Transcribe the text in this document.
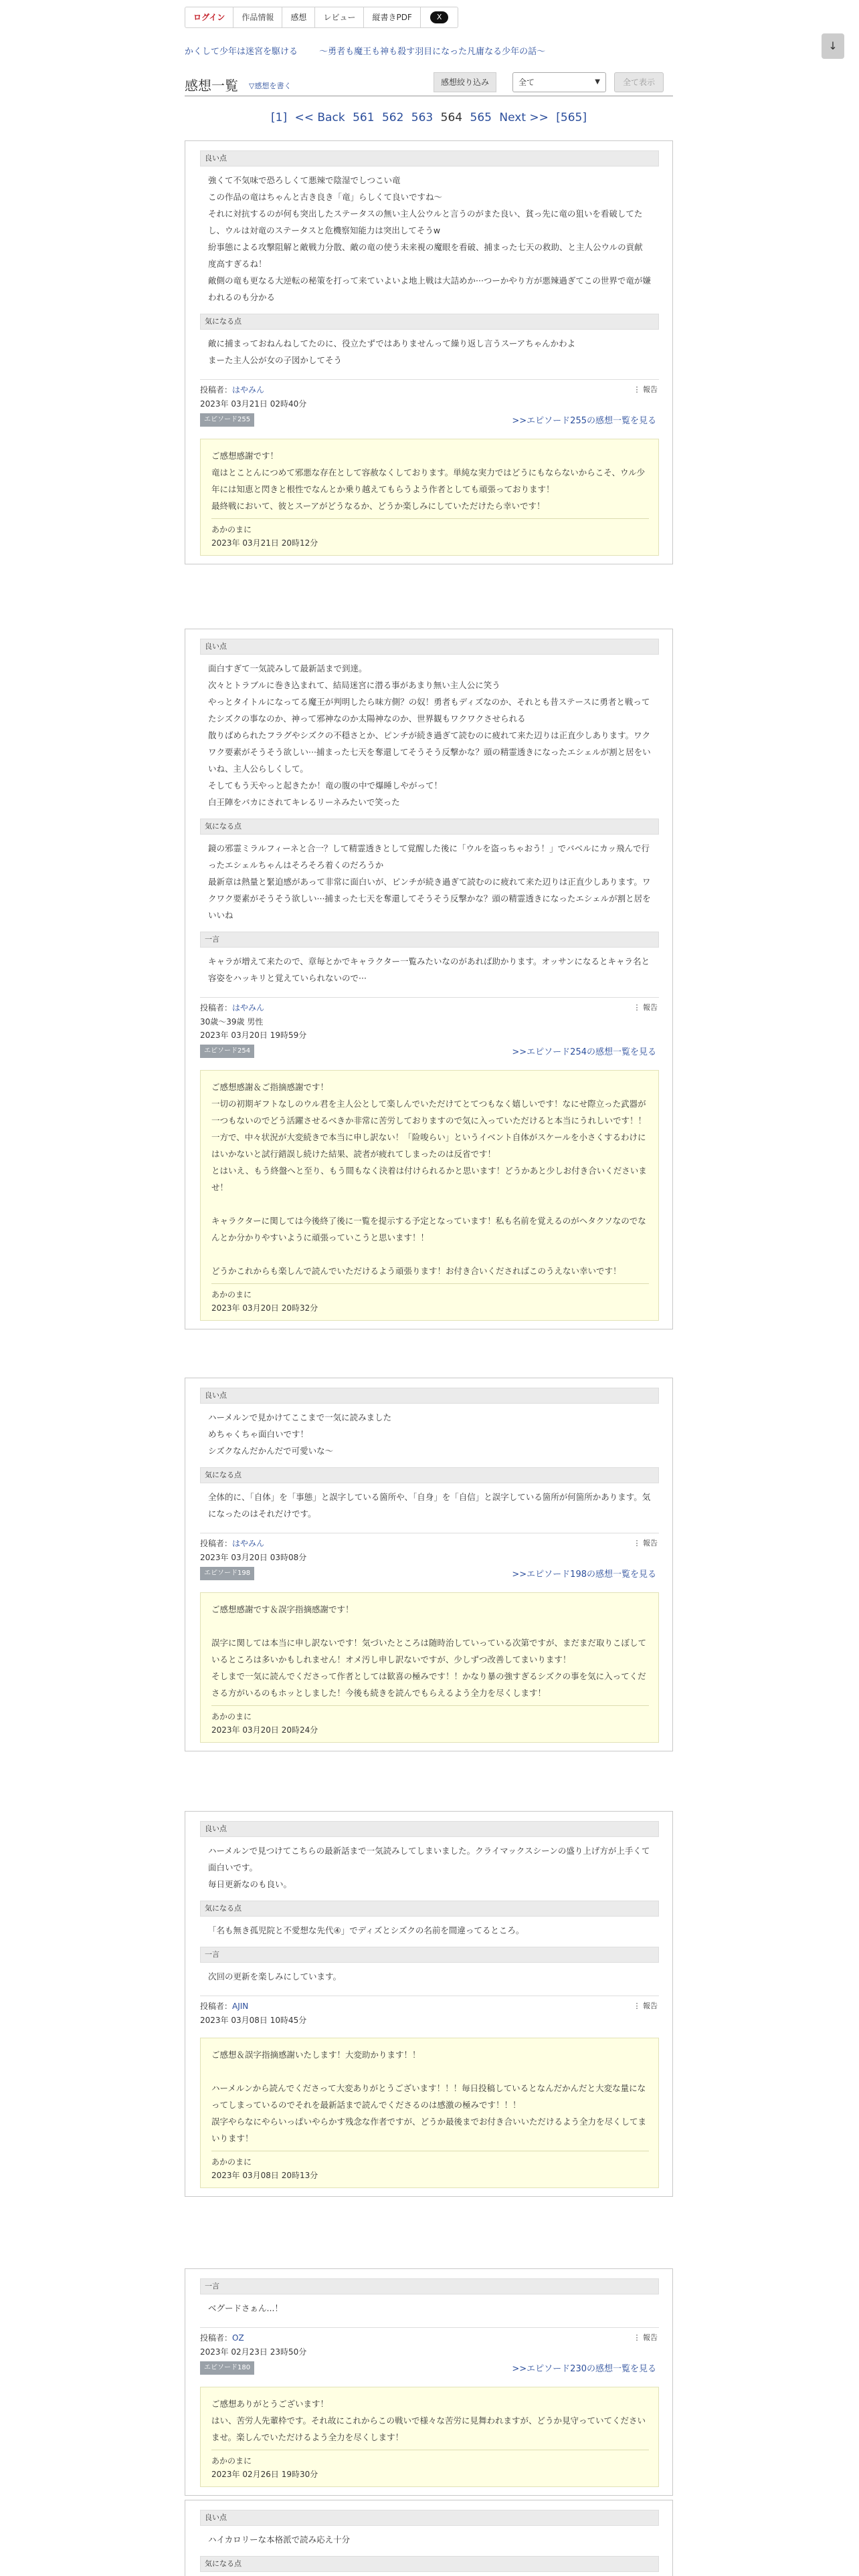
ログイン	作品情報	感想	レビュー	縦書きPDF	X
↓
かくして少年は迷宮を駆ける 〜勇者も魔王も神も殺す羽目になった凡庸なる少年の話〜
感想一覧 ▽感想を書く	感想絞り込み	全て	▼	全て表示
[1] << Back 561 562 563 564 565 Next >> [565]
良い点
強くて不気味で恐ろしくて悪辣で陰湿でしつこい竜
この作品の竜はちゃんと古き良き「竜」らしくて良いですね〜
それに対抗するのが何も突出したステータスの無い主人公ウルと言うのがまた良い、貧っ先に竜の狙いを看破してたし、ウルは対竜のステータスと危機察知能力は突出してそうw
紛事態による攻撃阻解と敵戦力分散、敵の竜の使う未来視の魔眼を看破、捕まった七天の救助、と主人公ウルの貢献度高すぎるね！
敵側の竜も更なる大逆転の秘策を打って来ていよいよ地上戦は大詰めか···つーかやり方が悪辣過ぎてこの世界で竜が嫌われるのも分かる
気になる点
敵に捕まっておねんねしてたのに、役立たずではありませんって繰り返し言うスーアちゃんかわよ
まーた主人公が女の子図かしてそう
投稿者：はやみん	⋮ 報告
2023年 03月21日 02時40分
エピソード255	>>エピソード255の感想一覧を見る
ご感想感謝です！
竜はとことんにつめて邪悪な存在として容赦なくしております。単純な実力ではどうにもならないからこそ、ウル少年には知恵と閃きと根性でなんとか乗り越えてもらうよう作者としても頑張っております！
最終戦において、彼とスーアがどうなるか、どうか楽しみにしていただけたら幸いです！
あかのまに
2023年 03月21日 20時12分
良い点
面白すぎて一気読みして最新話まで到達。
次々とトラブルに巻き込まれて、結局迷宮に潜る事があまり無い主人公に笑う
やっとタイトルになってる魔王が判明したら味方側？の奴！勇者もディズなのか、それとも昔ステースに勇者と戦ってたシズクの事なのか、神って邪神なのか太陽神なのか、世界観もワクワクさせられる
散りばめられたフラグやシズクの不穏さとか、ピンチが続き過ぎて読むのに疲れて来た辺りは正直少しあります。ワクワク要素がそうそう欲しい···捕まった七天を奪還してそうそう反撃かな？頭の精霊透きになったエシェルが割と居をいいね、主人公らしくして。
そしてもう天やっと起きたか！竜の腹の中で爆睡しやがって！
白王陣をバカにされてキレるリーネみたいで笑った
気になる点
鏡の邪霊ミラルフィーネと合一？して精霊透きとして覚醒した後に「ウルを盗っちゃおう！」でバベルにカッ飛んで行ったエシェルちゃんはそろそろ着くのだろうか
最新章は熱量と緊迫感があって非常に面白いが、ピンチが続き過ぎて読むのに疲れて来た辺りは正直少しあります。ワクワク要素がそうそう欲しい···捕まった七天を奪還してそうそう反撃かな？頭の精霊透きになったエシェルが割と居をいいね
一言
キャラが増えて来たので、章毎とかでキャラクター一覧みたいなのがあれば助かります。オッサンになるとキャラ名と容姿をハッキリと覚えていられないので···
投稿者：はやみん	⋮ 報告
30歳〜39歳 男性
2023年 03月20日 19時59分
エピソード254	>>エピソード254の感想一覧を見る
ご感想感謝＆ご指摘感謝です！
一切の初期ギフトなしのウル君を主人公として楽しんでいただけてとてつもなく嬉しいです！なにせ際立った武器が一つもないのでどう活躍させるべきか非常に苦労しておりますので気に入っていただけると本当にうれしいです！！
一方で、中々状況が大変続きで本当に申し訳ない！「险唆らい」というイベント自体がスケールを小さくするわけにはいかないと試行錯誤し続けた結果、読者が疲れてしまったのは反省です！
とはいえ、もう終盤へと至り、もう間もなく決着は付けられるかと思います！どうかあと少しお付き合いくださいませ！

キャラクターに関しては今後終了後に一覧を提示する予定となっています！私も名前を覚えるのがヘタクソなのでなんとか分かりやすいように頑張っていこうと思います！！

どうかこれからも楽しんで読んでいただけるよう頑張ります！お付き合いくださればこのうえない幸いです！
あかのまに
2023年 03月20日 20時32分
良い点
ハーメルンで見かけてここまで一気に読みました
めちゃくちゃ面白いです！
シズクなんだかんだで可愛いな〜
気になる点
全体的に、「自体」を「事態」と誤字している箇所や、「自身」を「自信」と誤字している箇所が何箇所かあります。気になったのはそれだけです。
投稿者：はやみん	⋮ 報告
2023年 03月20日 03時08分
エピソード198	>>エピソード198の感想一覧を見る
ご感想感謝です＆誤字指摘感謝です！

誤字に関しては本当に申し訳ないです！気づいたところは随時治していっている次第ですが、まだまだ取りこぼしているところは多いかもしれません！オメ汚し申し訳ないですが、少しずつ改善してまいります！
そしまで一気に読んでくださって作者としては歓喜の極みです！！かなり暴の強すぎるシズクの事を気に入ってくださる方がいるのもホッとしました！今後も続きを読んでもらえるよう全力を尽くします！
あかのまに
2023年 03月20日 20時24分
良い点
ハーメルンで見つけてこちらの最新話まで一気読みしてしまいました。クライマックスシーンの盛り上げ方が上手くて面白いです。
毎日更新なのも良い。
気になる点
「名も無き孤児院と不愛想な先代④」でディズとシズクの名前を間違ってるところ。
一言
次回の更新を楽しみにしています。
投稿者：AJIN	⋮ 報告
2023年 03月08日 10時45分
ご感想＆誤字指摘感謝いたします！大変助かります！！

ハーメルンから読んでくださって大変ありがとうございます！！！毎日投稿しているとなんだかんだと大変な量になってしまっているのでそれを最新話まで読んでくださるのは感激の極みです！！！
誤字やらなにやらいっぱいやらかす残念な作者ですが、どうか最後までお付き合いいただけるよう全力を尽くしてまいります！
あかのまに
2023年 03月08日 20時13分
一言
ベグードさぁん...！
投稿者：OZ	⋮ 報告
2023年 02月23日 23時50分
エピソード180	>>エピソード230の感想一覧を見る
ご感想ありがとうございます！
はい、苦労人先輩枠です。それ故にこれからこの戦いで様々な苦労に見舞われますが、どうか見守っていてくださいませ。楽しんでいただけるよう全力を尽くします！
あかのまに
2023年 02月26日 19時30分
良い点
ハイカロリーな本格派で読み応え十分
気になる点
